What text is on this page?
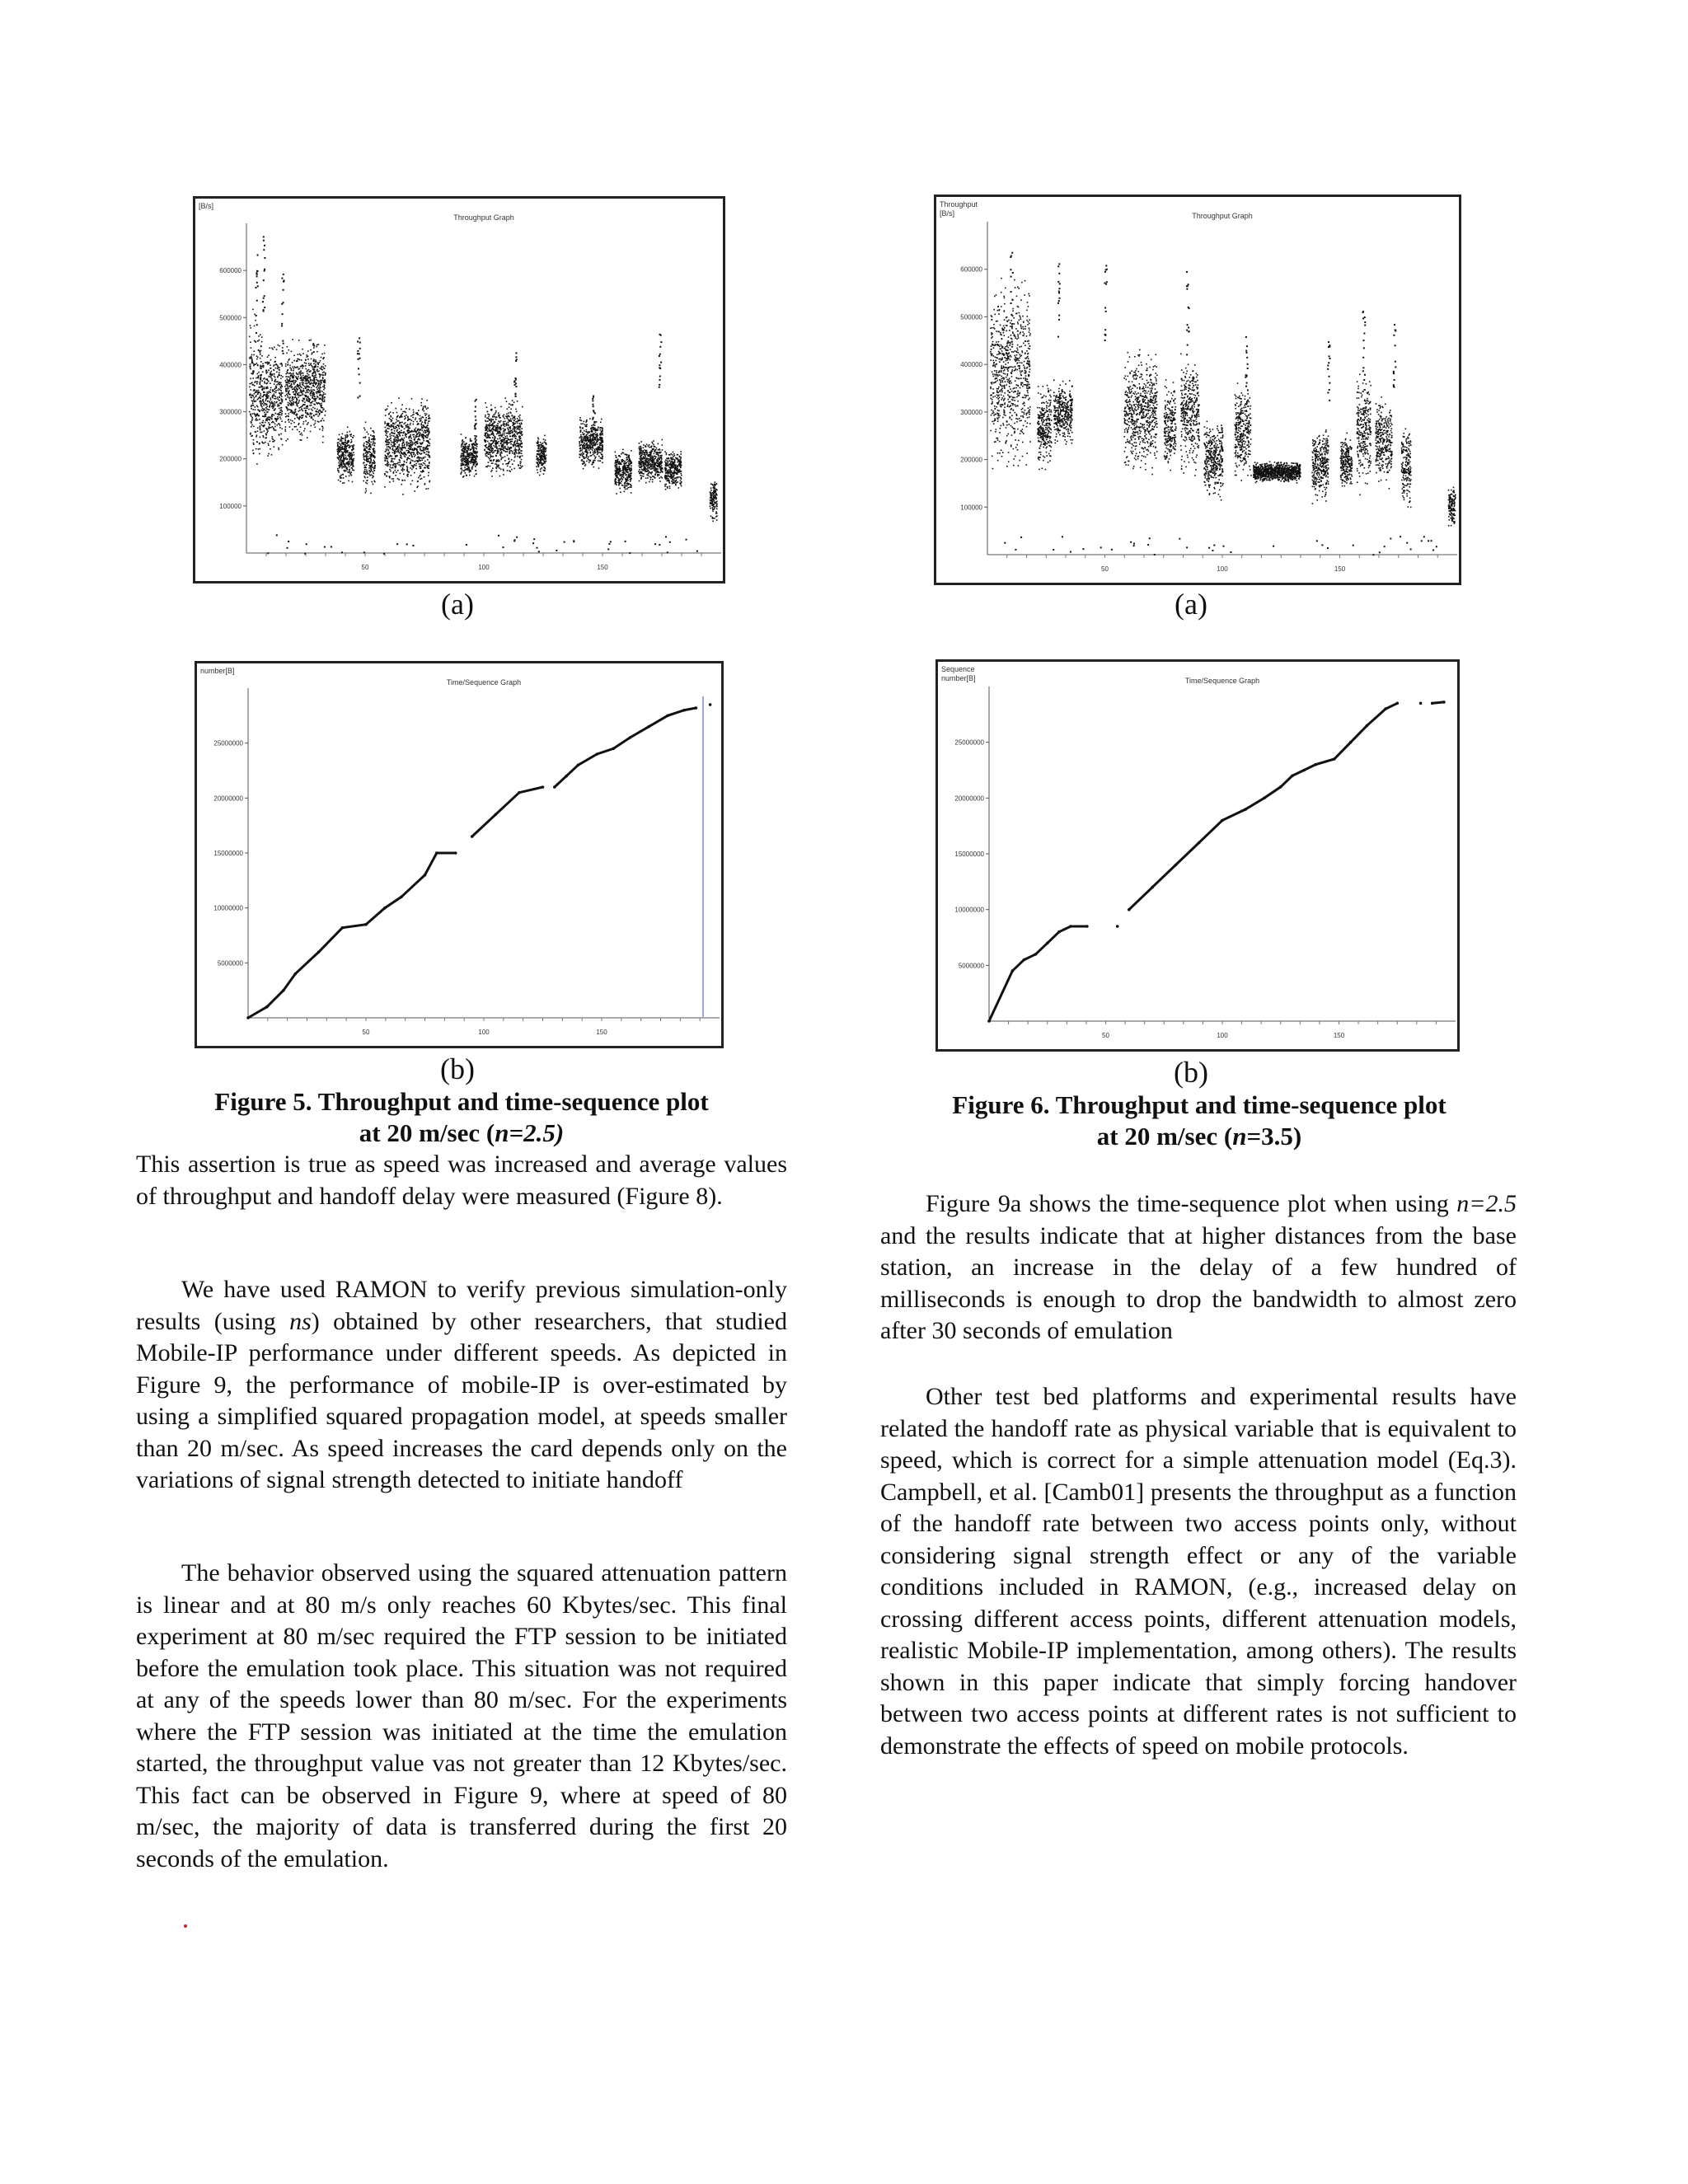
[B/s]
Throughput Graph
100000
200000
300000
400000
500000
600000
50	100	150
(a)
number[B]
Time/Sequence Graph
5000000
10000000
15000000
20000000
25000000
50	100	150
(b)
Figure 5. Throughput and time-sequence plot
at 20 m/sec (n=2.5)
Throughput
[B/s]	Throughput Graph
100000
200000
300000
400000
500000
600000
50	100	150
(a)
Sequence
number[B]	Time/Sequence Graph
5000000
10000000
15000000
20000000
25000000
50	100	150
(b)
Figure 6. Throughput and time-sequence plot
at 20 m/sec (n=3.5)

This assertion is true as speed was increased and average values of throughput and handoff delay were measured (Figure 8).

We have used RAMON to verify previous simulation-only results (using ns) obtained by other researchers, that studied Mobile-IP performance under different speeds. As depicted in Figure 9, the performance of mobile-IP is over-estimated by using a simplified squared propagation model, at speeds smaller than 20 m/sec. As speed increases the card depends only on the variations of signal strength detected to initiate handoff

The behavior observed using the squared attenuation pattern is linear and at 80 m/s only reaches 60 Kbytes/sec. This final experiment at 80 m/sec required the FTP session to be initiated before the emulation took place. This situation was not required at any of the speeds lower than 80 m/sec. For the experiments where the FTP session was initiated at the time the emulation started, the throughput value vas not greater than 12 Kbytes/sec. This fact can be observed in Figure 9, where at speed of 80 m/sec, the majority of data is transferred during the first 20 seconds of the emulation.

Figure 9a shows the time-sequence plot when using n=2.5 and the results indicate that at higher distances from the base station, an increase in the delay of a few hundred of milliseconds is enough to drop the bandwidth to almost zero after 30 seconds of emulation

Other test bed platforms and experimental results have related the handoff rate as physical variable that is equivalent to speed, which is correct for a simple attenuation model (Eq.3). Campbell, et al. [Camb01] presents the throughput as a function of the handoff rate between two access points only, without considering signal strength effect or any of the variable conditions included in RAMON, (e.g., increased delay on crossing different access points, different attenuation models, realistic Mobile-IP implementation, among others). The results shown in this paper indicate that simply forcing handover between two access points at different rates is not sufficient to demonstrate the effects of speed on mobile protocols.
